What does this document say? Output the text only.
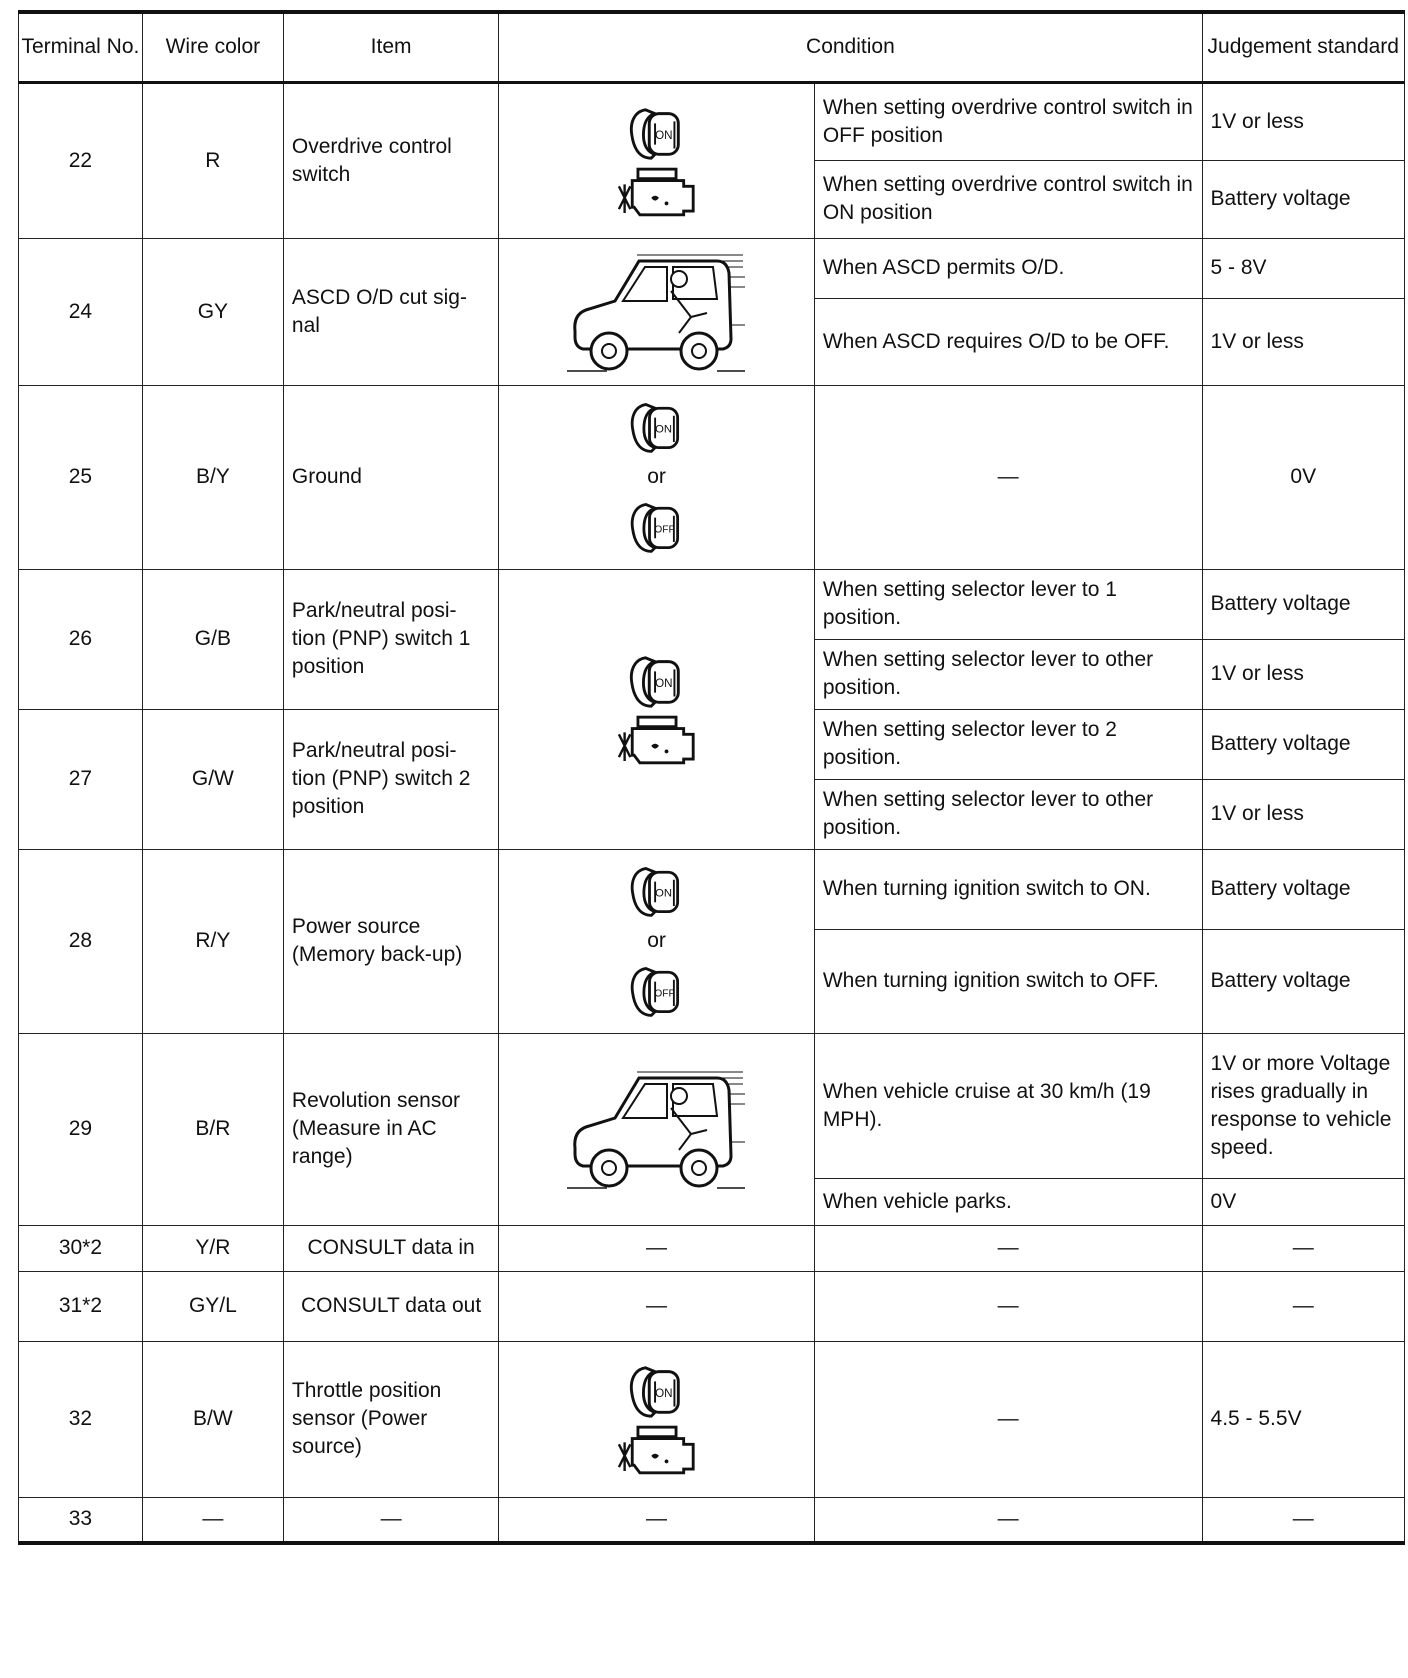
Terminal No.	Wire color	Item	Condition		Judgement standard
22	R	Overdrive control switch		When setting overdrive control switch in OFF position	1V or less
				When setting overdrive control switch in ON position	Battery voltage
24	GY	ASCD O/D cut sig-nal		When ASCD permits O/D.	5 - 8V
				When ASCD requires O/D to be OFF.	1V or less
25	B/Y	Ground	or	—	0V
26	G/B	Park/neutral posi-tion (PNP) switch 1 position		When setting selector lever to 1 position.	Battery voltage
				When setting selector lever to other position.	1V or less
27	G/W	Park/neutral posi-tion (PNP) switch 2 position		When setting selector lever to 2 position.	Battery voltage
				When setting selector lever to other position.	1V or less
28	R/Y	Power source (Memory back-up)	or	When turning ignition switch to ON.	Battery voltage
				When turning ignition switch to OFF.	Battery voltage
29	B/R	Revolution sensor (Measure in AC range)		When vehicle cruise at 30 km/h (19 MPH).	1V or more Voltage rises gradually in response to vehicle speed.
				When vehicle parks.	0V
30*2	Y/R	CONSULT data in	—	—	—
31*2	GY/L	CONSULT data out	—	—	—
32	B/W	Throttle position sensor (Power source)		—	4.5 - 5.5V
33	—	—	—	—	—
